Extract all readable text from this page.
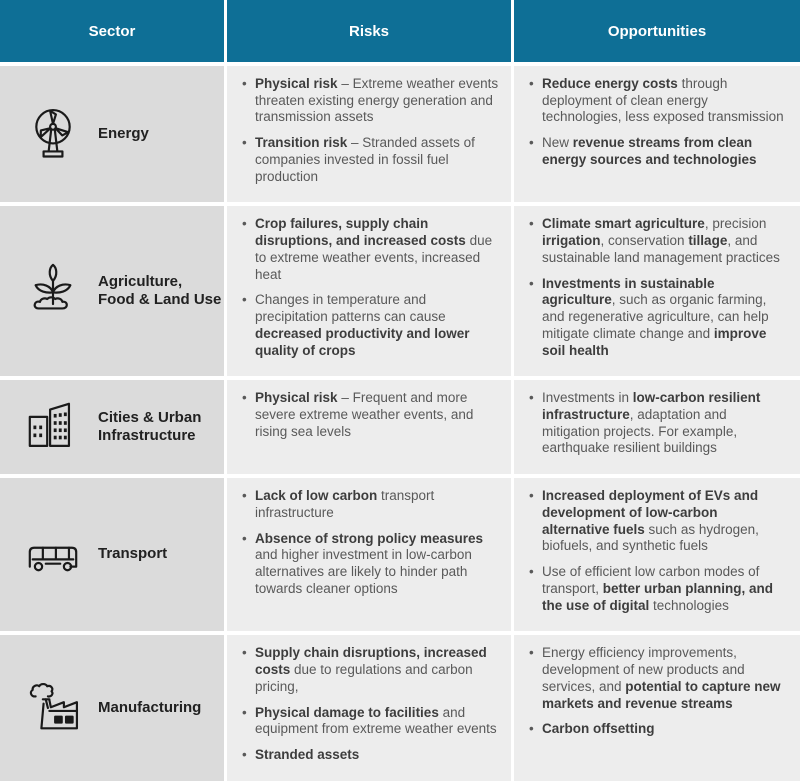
Sector	Risks	Opportunities
Energy
• Physical risk – Extreme weather events threaten existing energy generation and transmission assets
• Transition risk – Stranded assets of companies invested in fossil fuel production
• Reduce energy costs through deployment of clean energy technologies, less exposed transmission
• New revenue streams from clean energy sources and technologies
Agriculture,
Food & Land Use
• Crop failures, supply chain disruptions, and increased costs due to extreme weather events, increased heat
• Changes in temperature and precipitation patterns can cause decreased productivity and lower quality of crops
• Climate smart agriculture, precision irrigation, conservation tillage, and sustainable land management practices
• Investments in sustainable agriculture, such as organic farming, and regenerative agriculture, can help mitigate climate change and improve soil health
Cities & Urban
Infrastructure
• Physical risk – Frequent and more severe extreme weather events, and rising sea levels
• Investments in low-carbon resilient infrastructure, adaptation and mitigation projects. For example, earthquake resilient buildings
Transport
• Lack of low carbon transport infrastructure
• Absence of strong policy measures and higher investment in low-carbon alternatives are likely to hinder path towards cleaner options
• Increased deployment of EVs and development of low-carbon alternative fuels such as hydrogen, biofuels, and synthetic fuels
• Use of efficient low carbon modes of transport, better urban planning, and the use of digital technologies
Manufacturing
• Supply chain disruptions, increased costs due to regulations and carbon pricing,
• Physical damage to facilities and equipment from extreme weather events
• Stranded assets
• Energy efficiency improvements, development of new products and services, and potential to capture new markets and revenue streams
• Carbon offsetting
